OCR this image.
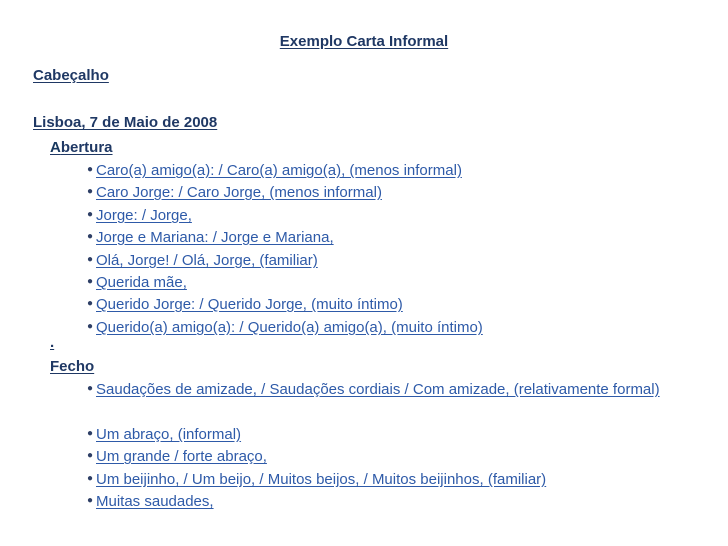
Exemplo Carta Informal
Cabeçalho
Lisboa, 7 de Maio de 2008
Abertura
● Caro(a) amigo(a): / Caro(a) amigo(a), (menos informal)
● Caro Jorge: / Caro Jorge, (menos informal)
● Jorge: / Jorge,
● Jorge e Mariana: / Jorge e Mariana,
● Olá, Jorge! / Olá, Jorge, (familiar)
● Querida mãe,
● Querido Jorge: / Querido Jorge, (muito íntimo)
● Querido(a) amigo(a): / Querido(a) amigo(a), (muito íntimo)
.
Fecho
● Saudações de amizade, / Saudações cordiais / Com amizade, (relativamente formal)
● Um abraço, (informal)
● Um grande / forte abraço,
● Um beijinho, / Um beijo, / Muitos beijos, / Muitos beijinhos, (familiar)
● Muitas saudades,
